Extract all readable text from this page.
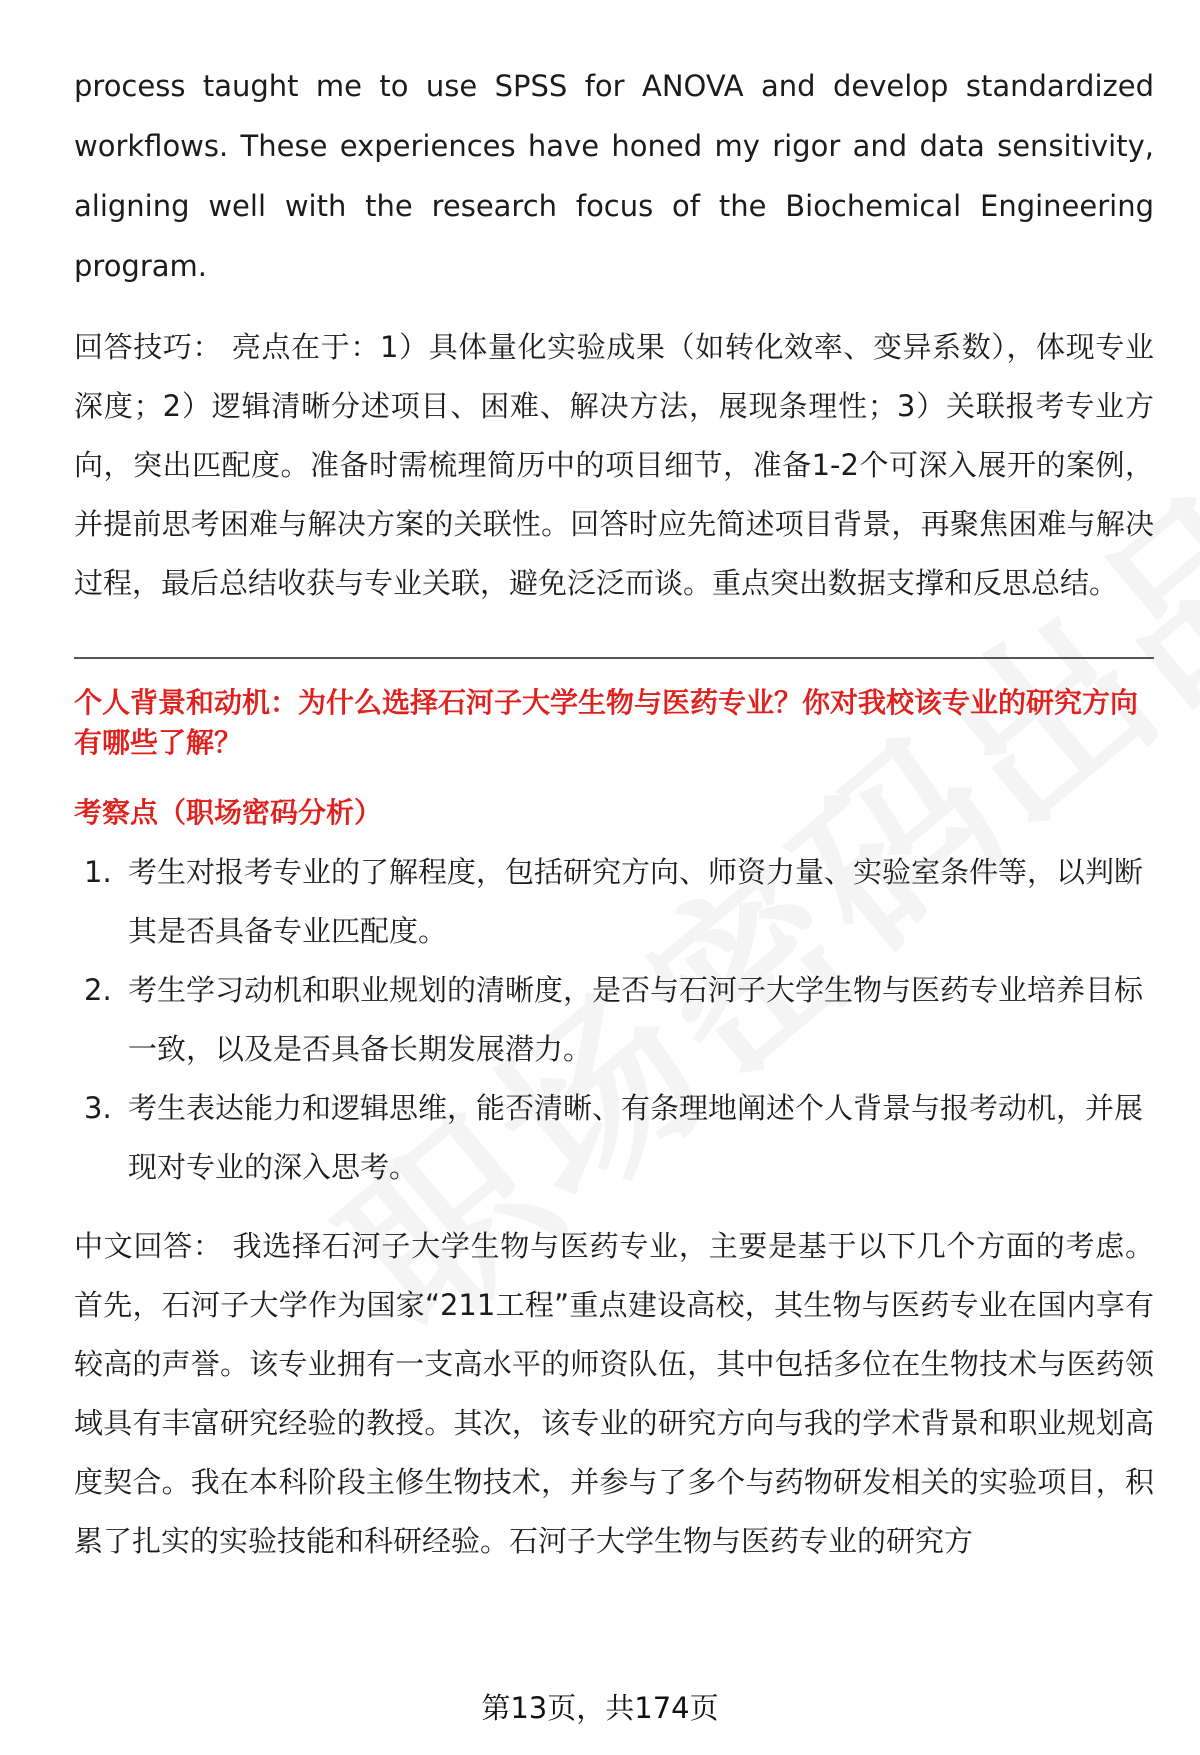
process taught me to use SPSS for ANOVA and develop standardized workflows. These experiences have honed my rigor and data sensitivity, aligning well with the research focus of the Biochemical Engineering program.

回答技巧： 亮点在于：1）具体量化实验成果（如转化效率、变异系数），体现专业深度；2）逻辑清晰分述项目、困难、解决方法，展现条理性；3）关联报考专业方向，突出匹配度。准备时需梳理简历中的项目细节，准备1-2个可深入展开的案例，并提前思考困难与解决方案的关联性。回答时应先简述项目背景，再聚焦困难与解决过程，最后总结收获与专业关联，避免泛泛而谈。重点突出数据支撑和反思总结。

个人背景和动机：为什么选择石河子大学生物与医药专业？你对我校该专业的研究方向有哪些了解？

考察点（职场密码分析）

1. 考生对报考专业的了解程度，包括研究方向、师资力量、实验室条件等，以判断其是否具备专业匹配度。
2. 考生学习动机和职业规划的清晰度，是否与石河子大学生物与医药专业培养目标一致，以及是否具备长期发展潜力。
3. 考生表达能力和逻辑思维，能否清晰、有条理地阐述个人背景与报考动机，并展现对专业的深入思考。

中文回答： 我选择石河子大学生物与医药专业，主要是基于以下几个方面的考虑。首先，石河子大学作为国家“211工程”重点建设高校，其生物与医药专业在国内享有较高的声誉。该专业拥有一支高水平的师资队伍，其中包括多位在生物技术与医药领域具有丰富研究经验的教授。其次，该专业的研究方向与我的学术背景和职业规划高度契合。我在本科阶段主修生物技术，并参与了多个与药物研发相关的实验项目，积累了扎实的实验技能和科研经验。石河子大学生物与医药专业的研究方

第13页，共174页
